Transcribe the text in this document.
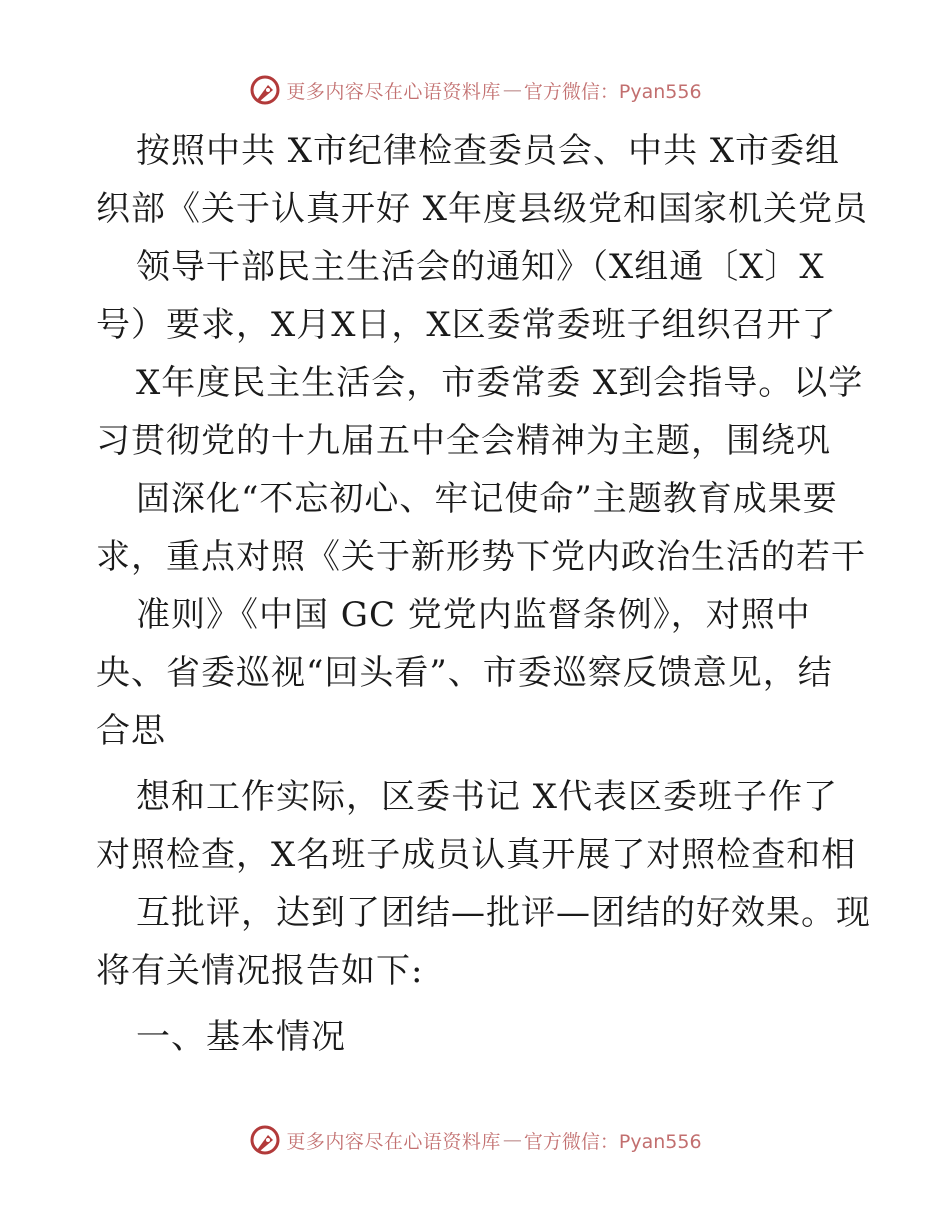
更多内容尽在心语资料库 — 官方微信：Pyan556
按照中共 X市纪律检查委员会、中共 X市委组
织部《关于认真开好 X年度县级党和国家机关党员
领导干部民主生活会的通知》（X组通〔X〕X
号）要求，X月X日，X区委常委班子组织召开了
X年度民主生活会，市委常委 X到会指导。以学
习贯彻党的十九届五中全会精神为主题，围绕巩
固深化“不忘初心、牢记使命”主题教育成果要
求，重点对照《关于新形势下党内政治生活的若干
准则》《中国 GC 党党内监督条例》，对照中
央、省委巡视“回头看”、市委巡察反馈意见，结
合思
想和工作实际，区委书记 X代表区委班子作了
对照检查，X名班子成员认真开展了对照检查和相
互批评，达到了团结—批评—团结的好效果。现
将有关情况报告如下:
一、基本情况
更多内容尽在心语资料库 — 官方微信：Pyan556
